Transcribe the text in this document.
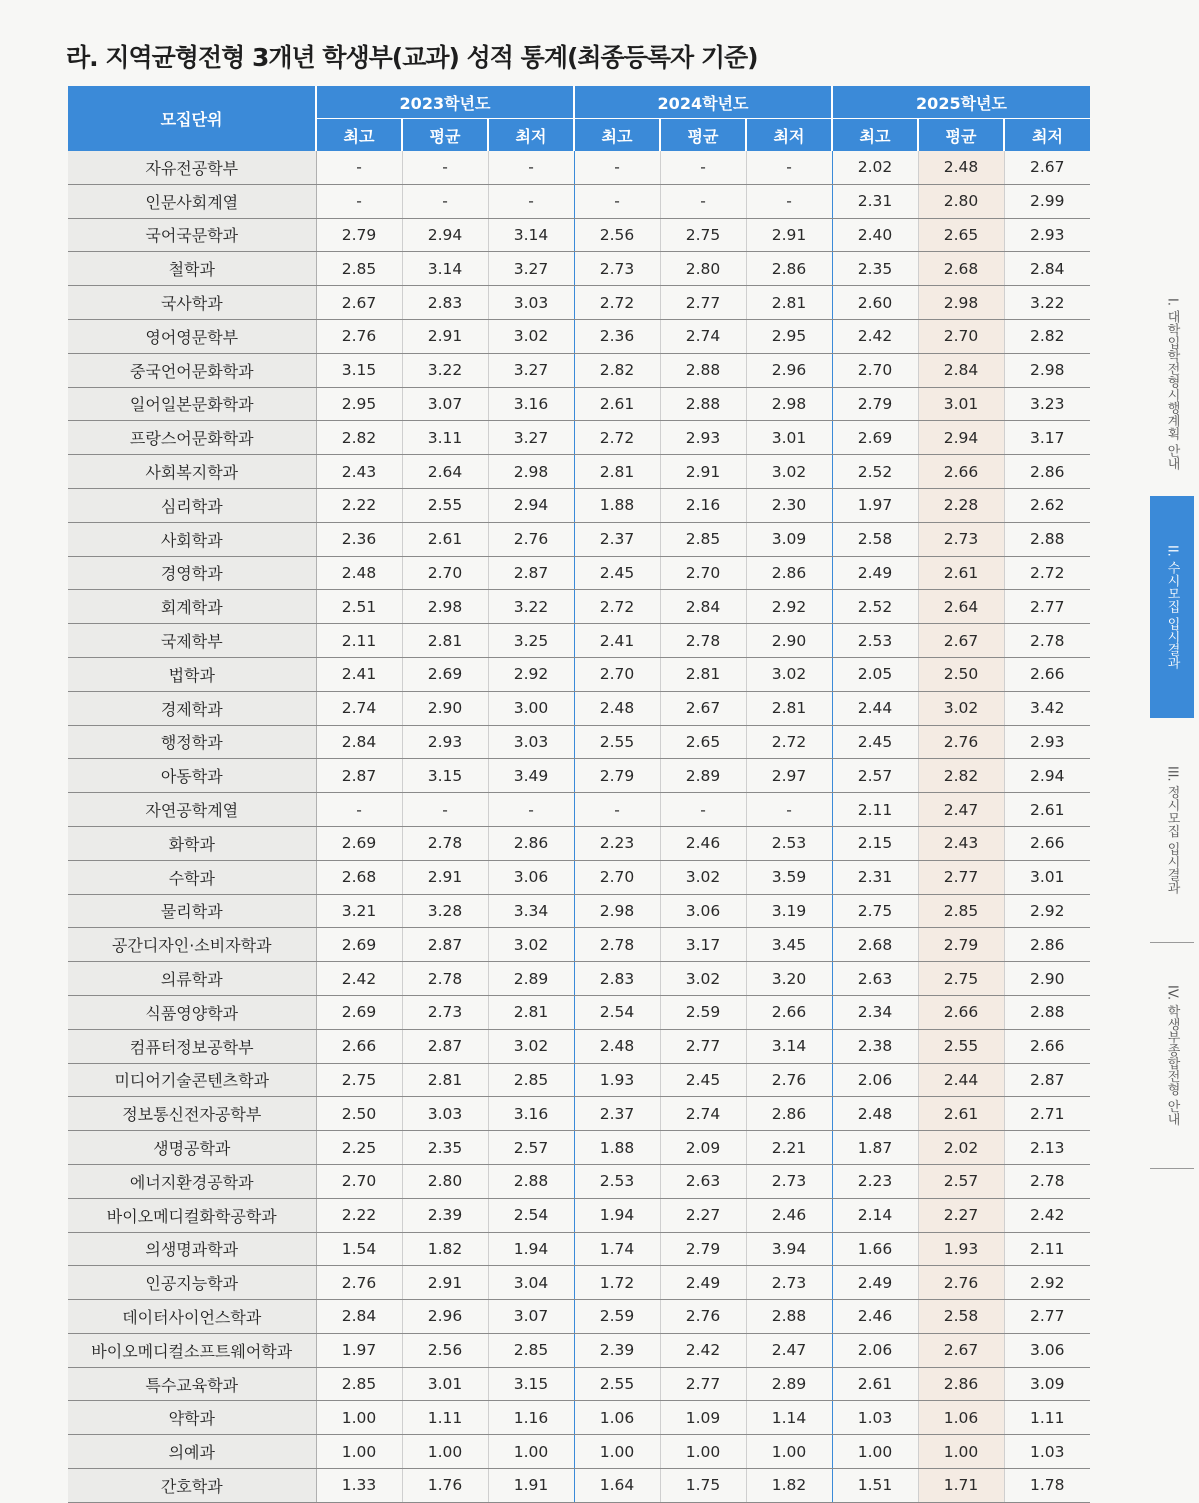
라. 지역균형전형 3개년 학생부(교과) 성적 통계(최종등록자 기준)
모집단위	2023학년도			2024학년도			2025학년도		
	최고	평균	최저	최고	평균	최저	최고	평균	최저
자유전공학부	-	-	-	-	-	-	2.02	2.48	2.67
인문사회계열	-	-	-	-	-	-	2.31	2.80	2.99
국어국문학과	2.79	2.94	3.14	2.56	2.75	2.91	2.40	2.65	2.93
철학과	2.85	3.14	3.27	2.73	2.80	2.86	2.35	2.68	2.84
국사학과	2.67	2.83	3.03	2.72	2.77	2.81	2.60	2.98	3.22
영어영문학부	2.76	2.91	3.02	2.36	2.74	2.95	2.42	2.70	2.82
중국언어문화학과	3.15	3.22	3.27	2.82	2.88	2.96	2.70	2.84	2.98
일어일본문화학과	2.95	3.07	3.16	2.61	2.88	2.98	2.79	3.01	3.23
프랑스어문화학과	2.82	3.11	3.27	2.72	2.93	3.01	2.69	2.94	3.17
사회복지학과	2.43	2.64	2.98	2.81	2.91	3.02	2.52	2.66	2.86
심리학과	2.22	2.55	2.94	1.88	2.16	2.30	1.97	2.28	2.62
사회학과	2.36	2.61	2.76	2.37	2.85	3.09	2.58	2.73	2.88
경영학과	2.48	2.70	2.87	2.45	2.70	2.86	2.49	2.61	2.72
회계학과	2.51	2.98	3.22	2.72	2.84	2.92	2.52	2.64	2.77
국제학부	2.11	2.81	3.25	2.41	2.78	2.90	2.53	2.67	2.78
법학과	2.41	2.69	2.92	2.70	2.81	3.02	2.05	2.50	2.66
경제학과	2.74	2.90	3.00	2.48	2.67	2.81	2.44	3.02	3.42
행정학과	2.84	2.93	3.03	2.55	2.65	2.72	2.45	2.76	2.93
아동학과	2.87	3.15	3.49	2.79	2.89	2.97	2.57	2.82	2.94
자연공학계열	-	-	-	-	-	-	2.11	2.47	2.61
화학과	2.69	2.78	2.86	2.23	2.46	2.53	2.15	2.43	2.66
수학과	2.68	2.91	3.06	2.70	3.02	3.59	2.31	2.77	3.01
물리학과	3.21	3.28	3.34	2.98	3.06	3.19	2.75	2.85	2.92
공간디자인·소비자학과	2.69	2.87	3.02	2.78	3.17	3.45	2.68	2.79	2.86
의류학과	2.42	2.78	2.89	2.83	3.02	3.20	2.63	2.75	2.90
식품영양학과	2.69	2.73	2.81	2.54	2.59	2.66	2.34	2.66	2.88
컴퓨터정보공학부	2.66	2.87	3.02	2.48	2.77	3.14	2.38	2.55	2.66
미디어기술콘텐츠학과	2.75	2.81	2.85	1.93	2.45	2.76	2.06	2.44	2.87
정보통신전자공학부	2.50	3.03	3.16	2.37	2.74	2.86	2.48	2.61	2.71
생명공학과	2.25	2.35	2.57	1.88	2.09	2.21	1.87	2.02	2.13
에너지환경공학과	2.70	2.80	2.88	2.53	2.63	2.73	2.23	2.57	2.78
바이오메디컬화학공학과	2.22	2.39	2.54	1.94	2.27	2.46	2.14	2.27	2.42
의생명과학과	1.54	1.82	1.94	1.74	2.79	3.94	1.66	1.93	2.11
인공지능학과	2.76	2.91	3.04	1.72	2.49	2.73	2.49	2.76	2.92
데이터사이언스학과	2.84	2.96	3.07	2.59	2.76	2.88	2.46	2.58	2.77
바이오메디컬소프트웨어학과	1.97	2.56	2.85	2.39	2.42	2.47	2.06	2.67	3.06
특수교육학과	2.85	3.01	3.15	2.55	2.77	2.89	2.61	2.86	3.09
약학과	1.00	1.11	1.16	1.06	1.09	1.14	1.03	1.06	1.11
의예과	1.00	1.00	1.00	1.00	1.00	1.00	1.00	1.00	1.03
간호학과	1.33	1.76	1.91	1.64	1.75	1.82	1.51	1.71	1.78
I. 대학입학전형시행계획 안내
II. 수시모집 입시결과
III. 정시모집 입시결과
IV. 학생부종합전형 안내
